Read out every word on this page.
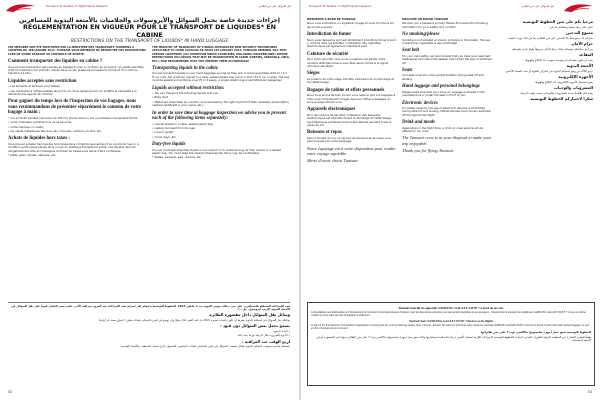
Transport de liquides / In-flight liquids transport	نقل السوائل على متن الطائرة
إجراءات جديدة خاصة بحمل السوائل والأيروسولات والجلاميات بالأمتعة اليدوية للمسافرين
RÉGLEMENTATION EN VIGUEUR POUR LE TRANSPORT DE LIQUIDES* EN CABINE
RESTRICTIONS ON THE TRANSPORT OF LIQUIDS* IN HAND LUGGAGE

CES MESURES ONT ÉTÉ INSTITUÉES PAR LA MINISTÈRE DES TRANSPORTS TUNISIENS À COMPTER DU 1ER JANVIER 2014. TUNISAIR VOUS REMERCIE DE RESPECTER CES DISPOSITIONS LORS DE VOTRE PASSAGE AU CONTRÔLE DE SÛRETÉ.

Comment transporter des liquides en cabine ?

Vous pouvez transporter des liquides en bagage à main à condition qu'ils soient : en petits quantités (100 ml maximum par produit), placés dans un sac plastique transparent, fermé et d'un volume maximal d'1 litre.

Liquides acceptés sans restriction

• Les aliments et boissons pour bébés.

• Les médications indispensables durant le vol. Vous devez pouvoir en justifier la nécessité à la demande des agents de contrôle.

Pour gagner du temps lors de l'inspection de vos bagages, nous vous recommandons de présenter séparément le contenu de votre bagage à main :

• vos produits liquides (de moins de 100 ml) placés dans un sac en plastique transparent fermé,

• votre ordinateur portable hors de sa sacoche,

• votre manteau ou veste,

• les objets métalliques tels que clés, monnaie, ceinture, montre, etc.

Achats de liquides hors taxes :

Vous pouvez acheter des liquides hors taxes dans n'importe quel aéroport ou à bord de l'avion, à condition qu'ils soient placés dans un sac en plastique transparent scellé. Ces liquides devront obligatoirement être accompagnés du ticket de caisse sous peine d'être confisqués.

* pâtes, gels, crèmes, aérosols, etc.

THE MINISTRY OF TRANSPORT OF TUNISIA INTRODUCED NEW SECURITY PROCEDURES APPLICABLE TO HAND LUGGAGE AS FROM 1ST JANUARY 2014. TUNISAIR REMINDS YOU THAT CERTAIN COUNTRIES (ALL EUROPEAN UNION COUNTRIES, INCLUDING SWITZERLAND) IMPOSE RESTRICTIONS ON LIQUIDS THAT MAY BE TRANSPORTED IN CABIN (CREAMS, AEROSOLS, GELS, ETC.) AND RECOMMENDS THAT YOU PREPARE THEM ACCORDINGLY.

Transporting liquids in the cabin:

You can transport liquids in your hand baggage as long as they are: in small quantities (100 ml / 3.4 fl. oz. max. per product), placed in a clear, sealed plastic bag (up to 1 litre / 34 fl. oz. in size). The bag must be sealed and all items must fit in it easily. A single plastic bag is permitted per passenger.

Liquids accepted without restriction:

• You can transport the following liquids with you:

• Baby food

• Medicines prescribed by a doctor, accompanied by the right of proof of their necessity (prescription, medical certificate in your name, etc.)

In order to save time at baggage inspection we advise you to present each of the following items separately:

• Liquids placed in a clear, sealed plastic bag

• Laptop removed from its case

• Coat or jacket

• Coins, keys, etc.

Duty-free liquids

You can purchase duty-free liquids in any airport or on board as long as they remain in a sealed plastic bag. You must keep the receipt otherwise the items may be confiscated.

* Pastes, aerosols, gels, creams, etc.

هذه الإجراءات المتعلقة بالمسافرين على متن رحلات تونس الجوية منذ 1 جانفي 2014. الخطوط التونسية تدعوكم إلى احترام هذه الإجراءات عند المرور بمراقبة الأمن. تقدم بعض البلدان قيوداً على نقل السوائل في الأمتعة اليدوية (كريم، أيروسول، جل...).

وسائل نقل السوائل داخل مقصورة الطائرة

يمكنكم نقل السوائل في أمتعتكم اليدوية بشرط أن تكون بكميات صغيرة (100 مل كحد أقصى لكل منتج) وأن توضع في كيس بلاستيكي شفاف مغلق لا تتجاوز سعته لتراً واحداً.

يسمح بحمل بعض السوائل دون قيود :

• أغذية الرضع.

• الأدوية الضرورية خلال الرحلة مع ما يثبت ذلك.

لربح الوقت عند المراقبة :

ننصحكم بتقديم محتويات أمتعتكم اليدوية بشكل منفصل: السوائل في كيس بلاستيكي شفاف، الحاسوب المحمول خارج حقيبته، المعطف، والأشياء المعدنية.

52
Transport de liquides / In-flight liquids transport	نقل السوائل على متن الطائرة
BIENVENUE À BORD DE TUNISAIR

Nous vous souhaitons un agréable voyage et vous informons sur les points suivants :

Interdiction de fumer

Nous vous rappelons qu'il est strictement interdit de fumer à bord y compris dans les toilettes. L'utilisation des cigarettes électroniques est également interdite à bord.

Ceinture de sécurité

Pour votre sécurité, nous vous conseillons de garder votre ceinture attachée lorsque vous êtes assis, même si le signal lumineux est éteint.

Sièges

La position de votre siège doit être verticale lors du décollage et de l'atterrissage.

Bagages de cabine et effets personnels

Nous vous prions de bien vouloir vous assurer que vos bagages à main sont correctement rangés dans les coffres à bagages ou sous le siège devant vous.

Appareils électroniques

Pour des raisons de sécurité, l'utilisation des appareils électroniques est interdite durant le décollage et l'atterrissage. Les téléphones portables doivent être éteints pendant toute la durée du vol.

Boissons et repas

Selon l'horaire du vol, un service de boissons et de repas vous sera proposé par notre équipage.

Notre équipage est à votre disposition pour rendre votre voyage agréable.
Merci d'avoir choisi Tunisair.
WELCOME ON BOARD TUNISAIR

We wish you a pleasant journey. Please find below the following information for your safety and comfort:

No smoking/please

Smoking is not allowed on board, including in the toilets. The use of electronic cigarettes is also prohibited.

Seat belt

For your own safety, we recommend that you keep your seat belt fastened at all times while seated, even when the sign is switched off.

Seats

Your seat must be in the upright position during take-off and landing.

Hand luggage and personal belongings

Please make sure that your carry-on luggage is stowed in the overhead bins or under the seat in front of you.

Electronic devices

For safety reasons, the use of electronic devices is prohibited during take-off and landing. Mobile phones must remain switched off throughout the flight.

Drink and meals

Depending on the flight time, a drink or meal service will be offered by our crew.

The Tunisair crew is at your disposal to make your trip enjoyable.
Thank you for flying Tunisair.
مرحبا بكم على متن الخطوط التونسية

نتمنى لكم رحلة ممتعة ونعلمكم بما يلي :

ممنوع التدخين

نذكركم بأنه يمنع منعاً باتاً التدخين على متن الطائرة بما في ذلك دورات المياه.

حزام الأمان

من أجل سلامتكم نوصيكم بإبقاء حزام الأمان مربوطاً طوال فترة جلوسكم.

المقاعد

يجب أن يكون مقعدكم في وضعية عمودية عند الإقلاع والهبوط.

الأمتعة اليدوية

نرجو التأكد من وضع أمتعتكم اليدوية في الخزائن العلوية أو تحت المقعد الأمامي.

الأجهزة الإلكترونية

يمنع استعمال الأجهزة الإلكترونية عند الإقلاع والهبوط.

المشروبات والوجبات

يقدم لكم طاقمنا خدمة المشروبات والوجبات حسب توقيت الرحلة.

شكرا لاختياركم الخطوط التونسية.
Tunisair interdit les appareils SAMSUNG GALAXY NOTE 7 à bord de ses vols

Conformément au bulletin émis par l'Organisation de l'Aviation Civile Internationale, Tunisair a pris les dispositions suivantes pour une sécurité maximale de ses passagers : l'interdiction du transport des téléphones SAMSUNG GALAXY NOTE 7 à bord, en cabine comme en soute, ainsi que leur chargement et utilisation.

Tunisair bans SAMSUNG GALAXY NOTE 7 devices on its flights

In light of the International Civil Aviation Organization's warning and the recall of Samsung Galaxy Note 7 devices, Tunisair has taken the following safety measures: banning SAMSUNG GALAXY NOTE 7 devices on board in both cabin and checked baggage, as well as their charging and use on board.

الخطوط التونسية تمنع حمل أجهزة سامسونج جالاكسي نوت 7 على متن طائراتها

طبقاً للنشرة الصادرة عن المنظمة الدولية للطيران المدني، اتخذت الخطوط التونسية الإجراءات اللازمة لضمان أقصى درجات السلامة لمسافريها وذلك بمنع حمل أجهزة سامسونج جالاكسي نوت 7 على متن الطائرة سواء في المقصورة أو في الأمتعة المسجلة.

53
